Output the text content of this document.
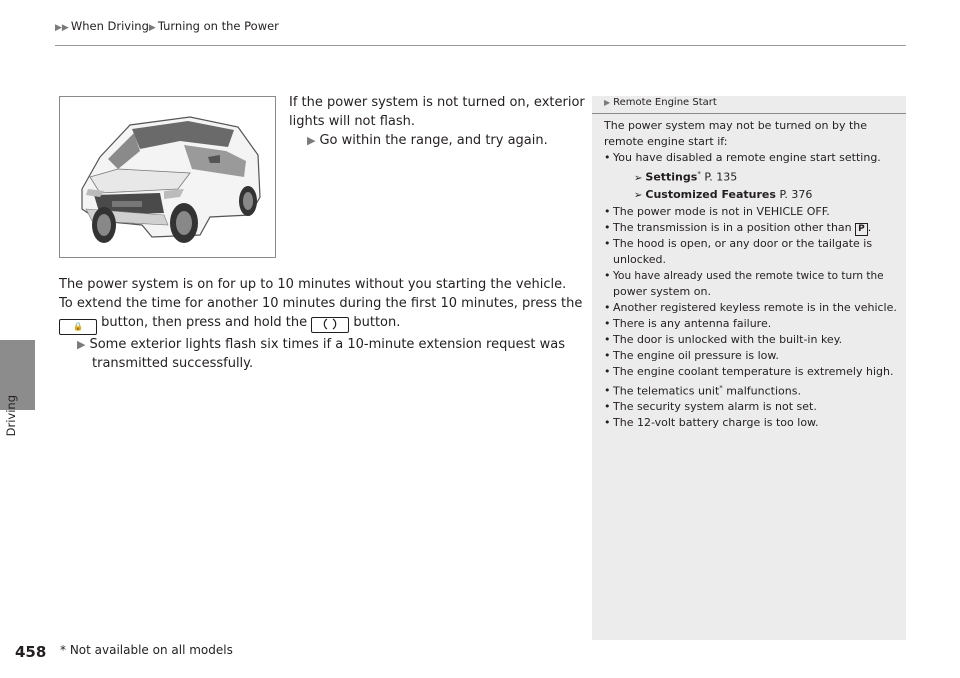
▶▶ When Driving▶ Turning on the Power
Driving
If the power system is not turned on, exterior
lights will not flash.
▶ Go within the range, and try again.
The power system is on for up to 10 minutes without you starting the vehicle.
To extend the time for another 10 minutes during the first 10 minutes, press the
🔒 button, then press and hold the	button.
▶ Some exterior lights flash six times if a 10-minute extension request was
transmitted successfully.
▶ Remote Engine Start
The power system may not be turned on by the
remote engine start if:
• You have disabled a remote engine start setting.
➢ Settings* P. 135
➢ Customized Features P. 376
• The power mode is not in VEHICLE OFF.
• The transmission is in a position other than P .
• The hood is open, or any door or the tailgate is
unlocked.
• You have already used the remote twice to turn the
power system on.
• Another registered keyless remote is in the vehicle.
• There is any antenna failure.
• The door is unlocked with the built-in key.
• The engine oil pressure is low.
• The engine coolant temperature is extremely high.
• The telematics unit* malfunctions.
• The security system alarm is not set.
• The 12-volt battery charge is too low.
458 * Not available on all models
